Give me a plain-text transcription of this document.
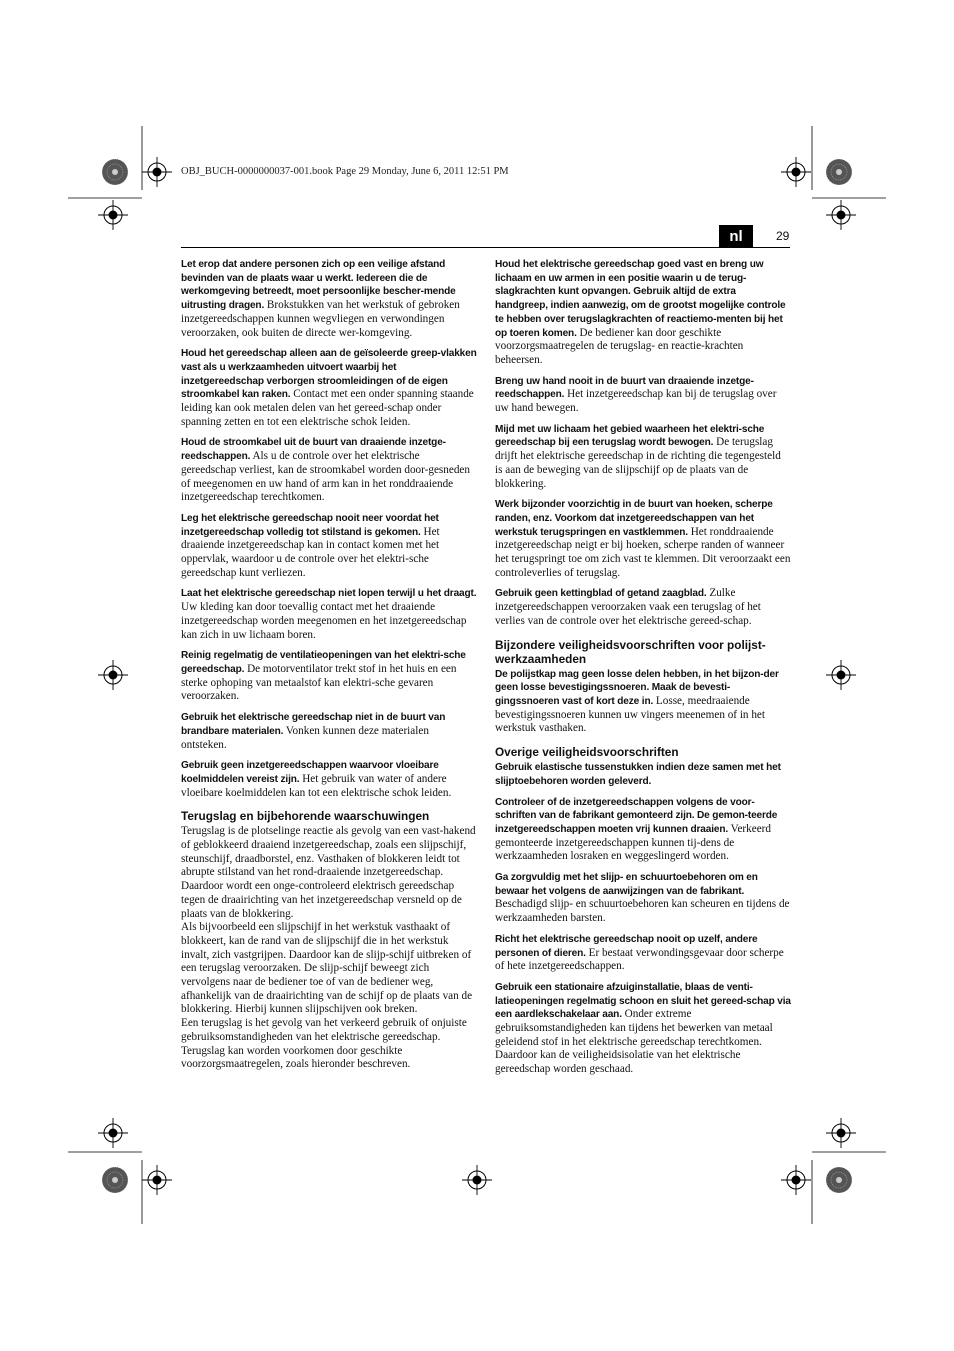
OBJ_BUCH-0000000037-001.book Page 29 Monday, June 6, 2011 12:51 PM
nl	29

Let erop dat andere personen zich op een veilige afstand bevinden van de plaats waar u werkt. Iedereen die de werkomgeving betreedt, moet persoonlijke bescher-mende uitrusting dragen. Brokstukken van het werkstuk of gebroken inzetgereedschappen kunnen wegvliegen en verwondingen veroorzaken, ook buiten de directe wer-komgeving.

Houd het gereedschap alleen aan de geïsoleerde greep-vlakken vast als u werkzaamheden uitvoert waarbij het inzetgereedschap verborgen stroomleidingen of de eigen stroomkabel kan raken. Contact met een onder spanning staande leiding kan ook metalen delen van het gereed-schap onder spanning zetten en tot een elektrische schok leiden.

Houd de stroomkabel uit de buurt van draaiende inzetge-reedschappen. Als u de controle over het elektrische gereedschap verliest, kan de stroomkabel worden door-gesneden of meegenomen en uw hand of arm kan in het ronddraaiende inzetgereedschap terechtkomen.

Leg het elektrische gereedschap nooit neer voordat het inzetgereedschap volledig tot stilstand is gekomen. Het draaiende inzetgereedschap kan in contact komen met het oppervlak, waardoor u de controle over het elektri-sche gereedschap kunt verliezen.

Laat het elektrische gereedschap niet lopen terwijl u het draagt. Uw kleding kan door toevallig contact met het draaiende inzetgereedschap worden meegenomen en het inzetgereedschap kan zich in uw lichaam boren.

Reinig regelmatig de ventilatieopeningen van het elektri-sche gereedschap. De motorventilator trekt stof in het huis en een sterke ophoping van metaalstof kan elektri-sche gevaren veroorzaken.

Gebruik het elektrische gereedschap niet in de buurt van brandbare materialen. Vonken kunnen deze materialen ontsteken.

Gebruik geen inzetgereedschappen waarvoor vloeibare koelmiddelen vereist zijn. Het gebruik van water of andere vloeibare koelmiddelen kan tot een elektrische schok leiden.

Terugslag en bijbehorende waarschuwingen

Terugslag is de plotselinge reactie als gevolg van een vast-hakend of geblokkeerd draaiend inzetgereedschap, zoals een slijpschijf, steunschijf, draadborstel, enz. Vasthaken of blokkeren leidt tot abrupte stilstand van het rond-draaiende inzetgereedschap. Daardoor wordt een onge-controleerd elektrisch gereedschap tegen de draairichting van het inzetgereedschap versneld op de plaats van de blokkering.

Als bijvoorbeeld een slijpschijf in het werkstuk vasthaakt of blokkeert, kan de rand van de slijpschijf die in het werkstuk invalt, zich vastgrijpen. Daardoor kan de slijp-schijf uitbreken of een terugslag veroorzaken. De slijp-schijf beweegt zich vervolgens naar de bediener toe of van de bediener weg, afhankelijk van de draairichting van de schijf op de plaats van de blokkering. Hierbij kunnen slijpschijven ook breken.

Een terugslag is het gevolg van het verkeerd gebruik of onjuiste gebruiksomstandigheden van het elektrische gereedschap. Terugslag kan worden voorkomen door geschikte voorzorgsmaatregelen, zoals hieronder beschreven.

Houd het elektrische gereedschap goed vast en breng uw lichaam en uw armen in een positie waarin u de terug-slagkrachten kunt opvangen. Gebruik altijd de extra handgreep, indien aanwezig, om de grootst mogelijke controle te hebben over terugslagkrachten of reactiemo-menten bij het op toeren komen. De bediener kan door geschikte voorzorgsmaatregelen de terugslag- en reactie-krachten beheersen.

Breng uw hand nooit in de buurt van draaiende inzetge-reedschappen. Het inzetgereedschap kan bij de terugslag over uw hand bewegen.

Mijd met uw lichaam het gebied waarheen het elektri-sche gereedschap bij een terugslag wordt bewogen. De terugslag drijft het elektrische gereedschap in de richting die tegengesteld is aan de beweging van de slijpschijf op de plaats van de blokkering.

Werk bijzonder voorzichtig in de buurt van hoeken, scherpe randen, enz. Voorkom dat inzetgereedschappen van het werkstuk terugspringen en vastklemmen. Het ronddraaiende inzetgereedschap neigt er bij hoeken, scherpe randen of wanneer het terugspringt toe om zich vast te klemmen. Dit veroorzaakt een controleverlies of terugslag.

Gebruik geen kettingblad of getand zaagblad. Zulke inzetgereedschappen veroorzaken vaak een terugslag of het verlies van de controle over het elektrische gereed-schap.

Bijzondere veiligheidsvoorschriften voor polijst-werkzaamheden

De polijstkap mag geen losse delen hebben, in het bijzon-der geen losse bevestigingssnoeren. Maak de bevesti-gingssnoeren vast of kort deze in. Losse, meedraaiende bevestigingssnoeren kunnen uw vingers meenemen of in het werkstuk vasthaken.

Overige veiligheidsvoorschriften

Gebruik elastische tussenstukken indien deze samen met het slijptoebehoren worden geleverd.

Controleer of de inzetgereedschappen volgens de voor-schriften van de fabrikant gemonteerd zijn. De gemon-teerde inzetgereedschappen moeten vrij kunnen draaien. Verkeerd gemonteerde inzetgereedschappen kunnen tij-dens de werkzaamheden losraken en weggeslingerd worden.

Ga zorgvuldig met het slijp- en schuurtoebehoren om en bewaar het volgens de aanwijzingen van de fabrikant. Beschadigd slijp- en schuurtoebehoren kan scheuren en tijdens de werkzaamheden barsten.

Richt het elektrische gereedschap nooit op uzelf, andere personen of dieren. Er bestaat verwondingsgevaar door scherpe of hete inzetgereedschappen.

Gebruik een stationaire afzuiginstallatie, blaas de venti-latieopeningen regelmatig schoon en sluit het gereed-schap via een aardlekschakelaar aan. Onder extreme gebruiksomstandigheden kan tijdens het bewerken van metaal geleidend stof in het elektrische gereedschap terechtkomen. Daardoor kan de veiligheidsisolatie van het elektrische gereedschap worden geschaad.
